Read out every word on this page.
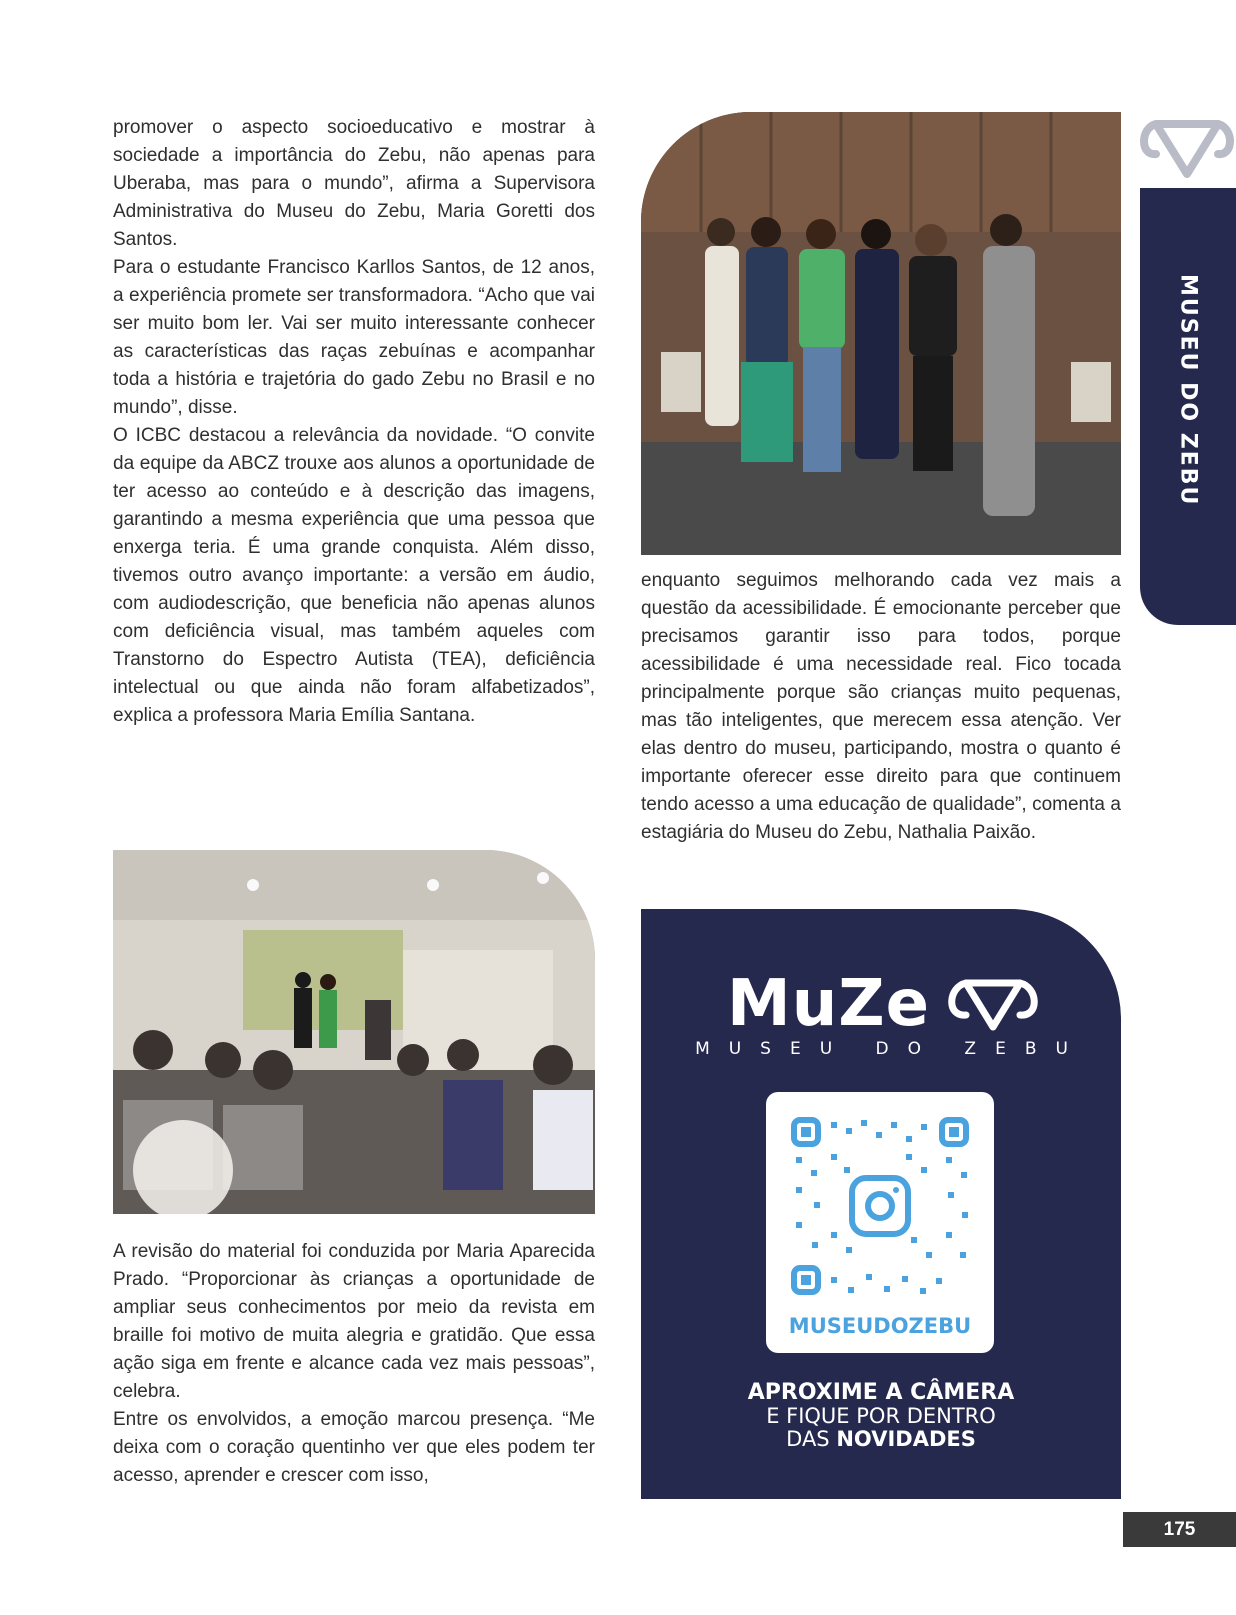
promover o aspecto socioeducativo e mostrar à sociedade a importância do Zebu, não apenas para Uberaba, mas para o mundo”, afirma a Supervisora Administrativa do Museu do Zebu, Maria Goretti dos Santos.

Para o estudante Francisco Karllos Santos, de 12 anos, a experiência promete ser transformadora. “Acho que vai ser muito bom ler. Vai ser muito interessante conhecer as características das raças zebuínas e acompanhar toda a história e trajetória do gado Zebu no Brasil e no mundo”, disse.

O ICBC destacou a relevância da novidade. “O convite da equipe da ABCZ trouxe aos alunos a oportunidade de ter acesso ao conteúdo e à descrição das imagens, garantindo a mesma experiência que uma pessoa que enxerga teria. É uma grande conquista. Além disso, tivemos outro avanço importante: a versão em áudio, com audiodescrição, que beneficia não apenas alunos com deficiência visual, mas também aqueles com Transtorno do Espectro Autista (TEA), deficiência intelectual ou que ainda não foram alfabetizados”, explica a professora Maria Emília Santana.

MUSEU DO ZEBU

enquanto seguimos melhorando cada vez mais a questão da acessibilidade. É emocionante perceber que precisamos garantir isso para todos, porque acessibilidade é uma necessidade real. Fico tocada principalmente porque são crianças muito pequenas, mas tão inteligentes, que merecem essa atenção. Ver elas dentro do museu, participando, mostra o quanto é importante oferecer esse direito para que continuem tendo acesso a uma educação de qualidade”, comenta a estagiária do Museu do Zebu, Nathalia Paixão.

A revisão do material foi conduzida por Maria Aparecida Prado. “Proporcionar às crianças a oportunidade de ampliar seus conhecimentos por meio da revista em braille foi motivo de muita alegria e gratidão. Que essa ação siga em frente e alcance cada vez mais pessoas”, celebra.

Entre os envolvidos, a emoção marcou presença. “Me deixa com o coração quentinho ver que eles podem ter acesso, aprender e crescer com isso,

MuZe
MUSEU DO ZEBU
MUSEUDOZEBU
APROXIME A CÂMERA
E FIQUE POR DENTRO
DAS NOVIDADES
175
